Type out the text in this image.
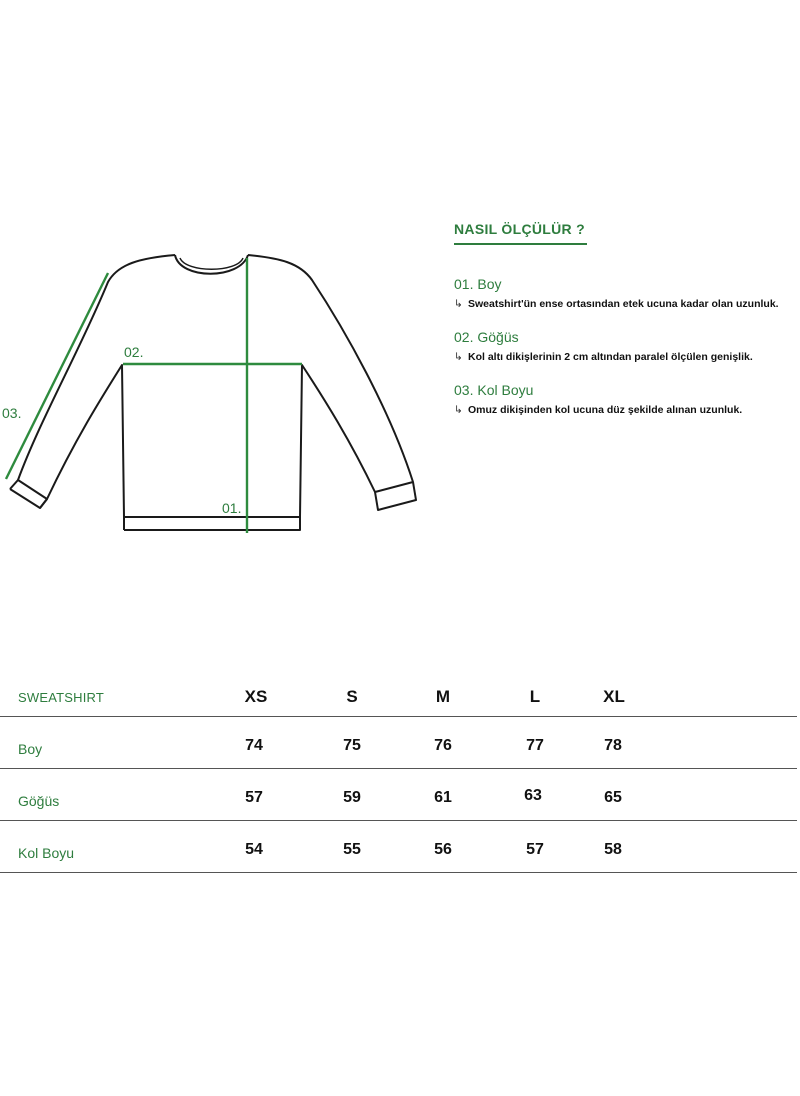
01.
02.
03.
NASIL ÖLÇÜLÜR ?
01. Boy
↳ Sweatshirt'ün ense ortasından etek ucuna kadar olan uzunluk.
02. Göğüs
↳ Kol altı dikişlerinin 2 cm altından paralel ölçülen genişlik.
03. Kol Boyu
↳ Omuz dikişinden kol ucuna düz şekilde alınan uzunluk.
SWEATSHIRT	XS	S	M	L	XL
Boy	74	75	76	77	78
Göğüs	57	59	61	63	65
Kol Boyu	54	55	56	57	58
